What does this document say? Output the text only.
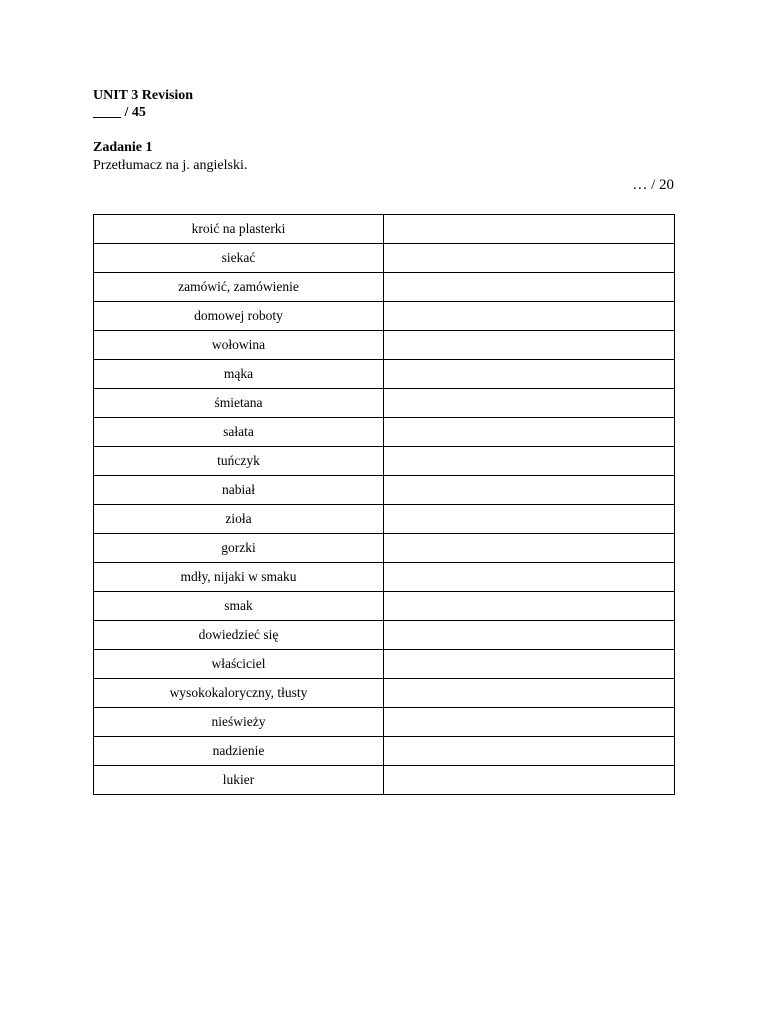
UNIT 3 Revision
____ / 45
Zadanie 1
Przetłumacz na j. angielski.
… / 20
kroić na plasterki	
siekać	
zamówić, zamówienie	
domowej roboty	
wołowina	
mąka	
śmietana	
sałata	
tuńczyk	
nabiał	
zioła	
gorzki	
mdły, nijaki w smaku	
smak	
dowiedzieć się	
właściciel	
wysokokaloryczny, tłusty	
nieświeży	
nadzienie	
lukier	
